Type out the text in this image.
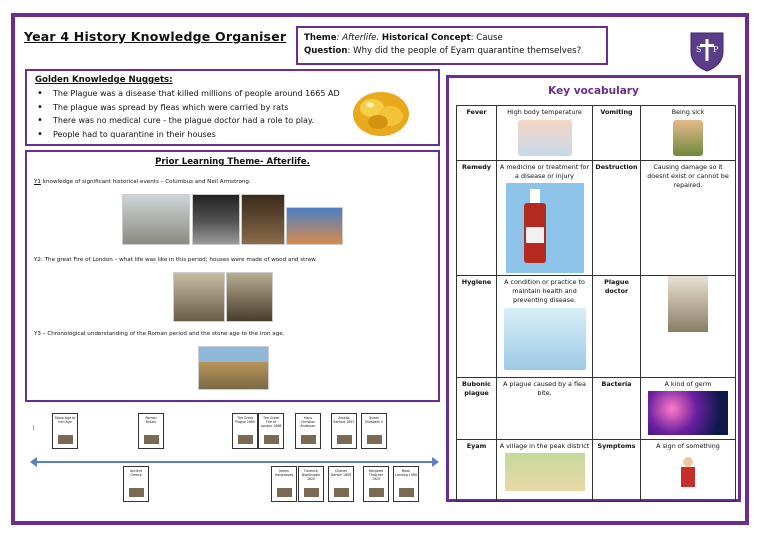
Year 4 History Knowledge Organiser Theme: Afterlife. Historical Concept: Cause
Question: Why did the people of Eyam quarantine themselves?	S P
Golden Knowledge Nuggets:
• The Plague was a disease that killed millions of people around 1665 AD
• The plague was spread by fleas which were carried by rats
• There was no medical cure - the plague doctor had a role to play.
• People had to quarantine in their houses
Prior Learning Theme- Afterlife.
Y1 knowledge of significant historical events – Columbus and Neil Armstrong.
Y2: The great Fire of London – what life was like in this period; houses were made of wood and straw.
Y3 – Chronological understanding of the Roman period and the stone age to the iron age.
Key vocabulary
Fever	High body temperature	Vomiting	Being sick

Remedy	A medicine or treatment for a disease or injury	Destruction	Causing damage so it doesnt exist or cannot be repaired.
Hygiene	A condition or practice to maintain health and preventing disease.	Plague doctor	

Bubonic plague	A plague caused by a flea bite.	Bacteria	A kind of germ

Eyam	A village in the peak district	Symptoms	A sign of something
|
Stone Age to Iron Age
Roman Britain
The Great Plague 1665
The Great Fire of London 1666
Hans Christian Andersen
Amelia Earhart 1897
Queen Elizabeth II
Ancient Greece
James Hargreaves
Florence Nightingale 1820
Charles Darwin 1809
Margaret Thatcher 1925
Moon Landing 1969
